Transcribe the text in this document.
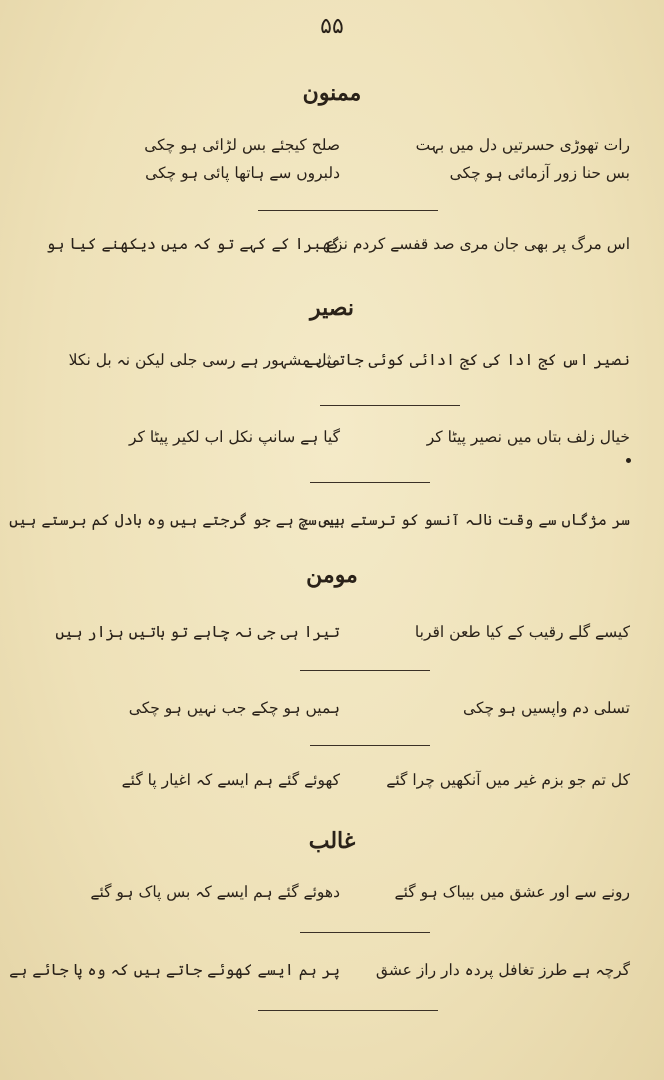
۵۵
ممنون
رات تھوڑی حسرتیں دل میں بہت
صلح کیجئے بس لڑائی ہو چکی
بس حنا زور آزمائی ہو چکی
دلبروں سے ہاتھا پائی ہو چکی
اس مرگ پر بھی جان مری صد قفسے کردم نزع
گھبرا کے کہے تو کہ میں دیکھنے کیا ہو
نصیر
نصیر اس کج ادا کی کج ادائی کوئی جاتی ہے
مثل مشہور ہے رسی جلی لیکن نہ بل نکلا
خیال زلف بتاں میں نصیر پیٹا کر
گیا ہے سانپ نکل اب لکیر پیٹا کر
سر مژگاں سے وقت نالہ آنسو کو ترستے ہیں
یہ سچ ہے جو گرجتے ہیں وہ بادل کم برستے ہیں
مومن
کیسے گلے رقیب کے کیا طعن اقربا
تیرا ہی جی نہ چاہے تو باتیں ہزار ہیں
تسلی دم واپسیں ہو چکی
ہمیں ہو چکے جب نہیں ہو چکی
کل تم جو بزم غیر میں آنکھیں چرا گئے
کھوئے گئے ہم ایسے کہ اغیار پا گئے
غالب
رونے سے اور عشق میں بیباک ہو گئے
دھوئے گئے ہم ایسے کہ بس پاک ہو گئے
گرچہ ہے طرز تغافل پردہ دار راز عشق
پر ہم ایسے کھوئے جاتے ہیں کہ وہ پا جائے ہے
